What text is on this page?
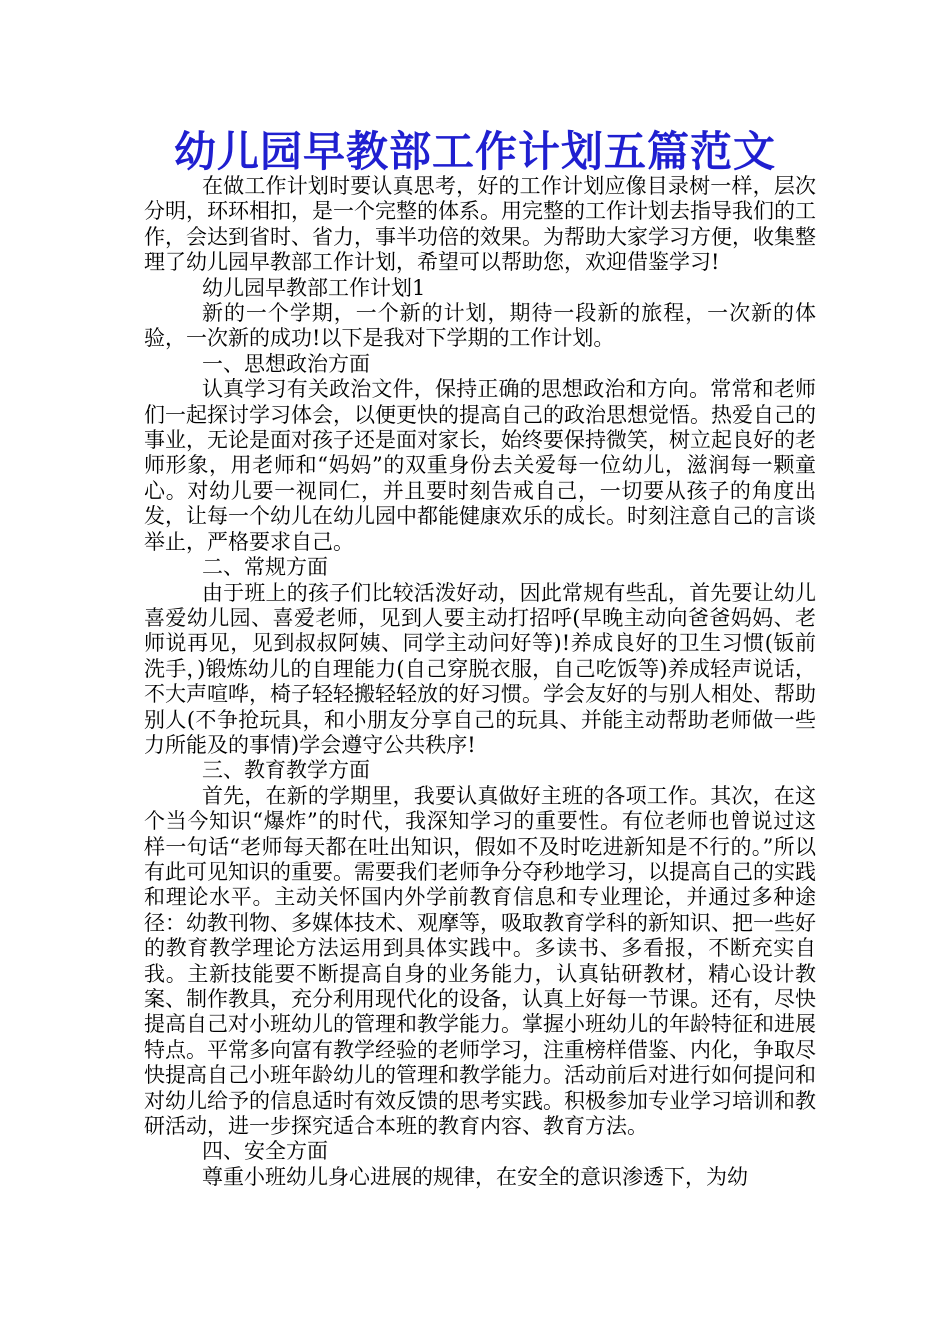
幼儿园早教部工作计划五篇范文

在做工作计划时要认真思考，好的工作计划应像目录树一样，层次分明，环环相扣，是一个完整的体系。用完整的工作计划去指导我们的工作，会达到省时、省力，事半功倍的效果。为帮助大家学习方便，收集整理了幼儿园早教部工作计划，希望可以帮助您，欢迎借鉴学习!

幼儿园早教部工作计划1

新的一个学期，一个新的计划，期待一段新的旅程，一次新的体验，一次新的成功!以下是我对下学期的工作计划。

一、思想政治方面

认真学习有关政治文件，保持正确的思想政治和方向。常常和老师们一起探讨学习体会，以便更快的提高自己的政治思想觉悟。热爱自己的事业，无论是面对孩子还是面对家长，始终要保持微笑，树立起良好的老师形象，用老师和“妈妈”的双重身份去关爱每一位幼儿，滋润每一颗童心。对幼儿要一视同仁，并且要时刻告戒自己，一切要从孩子的角度出发，让每一个幼儿在幼儿园中都能健康欢乐的成长。时刻注意自己的言谈举止，严格要求自己。

二、常规方面

由于班上的孩子们比较活泼好动，因此常规有些乱，首先要让幼儿喜爱幼儿园、喜爱老师，见到人要主动打招呼(早晚主动向爸爸妈妈、老师说再见，见到叔叔阿姨、同学主动问好等)!养成良好的卫生习惯(钣前洗手，)锻炼幼儿的自理能力(自己穿脱衣服，自己吃饭等)养成轻声说话，不大声喧哗，椅子轻轻搬轻轻放的好习惯。学会友好的与别人相处、帮助别人(不争抢玩具，和小朋友分享自己的玩具、并能主动帮助老师做一些力所能及的事情)学会遵守公共秩序!

三、教育教学方面

首先，在新的学期里，我要认真做好主班的各项工作。其次，在这个当今知识“爆炸”的时代，我深知学习的重要性。有位老师也曾说过这样一句话“老师每天都在吐出知识，假如不及时吃进新知是不行的。”所以有此可见知识的重要。需要我们老师争分夺秒地学习，以提高自己的实践和理论水平。主动关怀国内外学前教育信息和专业理论，并通过多种途径：幼教刊物、多媒体技术、观摩等，吸取教育学科的新知识、把一些好的教育教学理论方法运用到具体实践中。多读书、多看报，不断充实自我。主新技能要不断提高自身的业务能力，认真钻研教材，精心设计教案、制作教具，充分利用现代化的设备，认真上好每一节课。还有，尽快提高自己对小班幼儿的管理和教学能力。掌握小班幼儿的年龄特征和进展特点。平常多向富有教学经验的老师学习，注重榜样借鉴、内化，争取尽快提高自己小班年龄幼儿的管理和教学能力。活动前后对进行如何提问和对幼儿给予的信息适时有效反馈的思考实践。积极参加专业学习培训和教研活动，进一步探究适合本班的教育内容、教育方法。

四、安全方面

尊重小班幼儿身心进展的规律，在安全的意识渗透下，为幼
